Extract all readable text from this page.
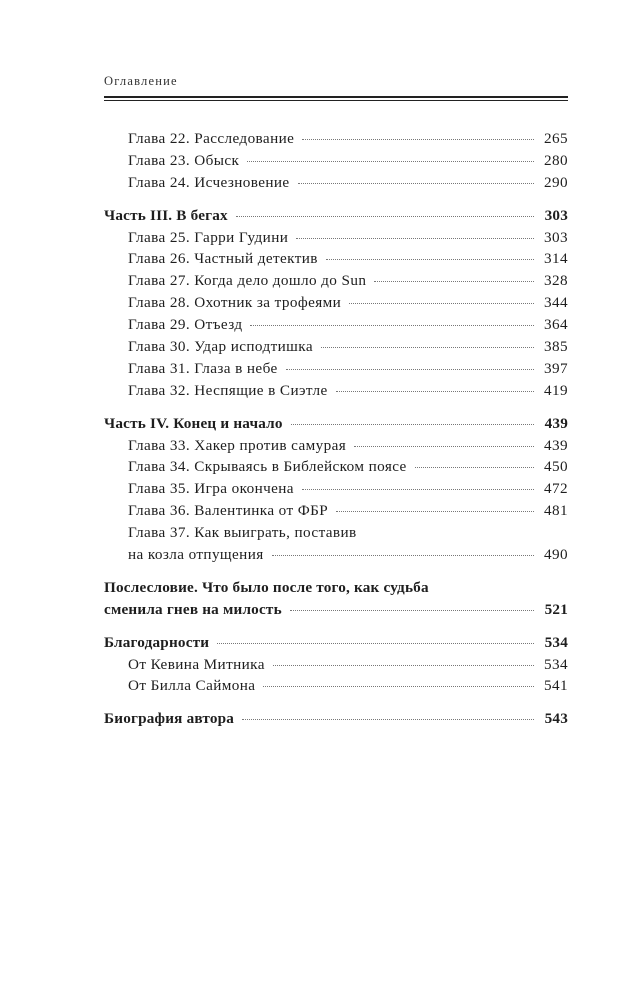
Оглавление
Глава 22. Расследование	265
Глава 23. Обыск	280
Глава 24. Исчезновение	290
Часть III. В бегах	303
Глава 25. Гарри Гудини	303
Глава 26. Частный детектив	314
Глава 27. Когда дело дошло до Sun	328
Глава 28. Охотник за трофеями	344
Глава 29. Отъезд	364
Глава 30. Удар исподтишка	385
Глава 31. Глаза в небе	397
Глава 32. Неспящие в Сиэтле	419
Часть IV. Конец и начало	439
Глава 33. Хакер против самурая	439
Глава 34. Скрываясь в Библейском поясе	450
Глава 35. Игра окончена	472
Глава 36. Валентинка от ФБР	481
Глава 37. Как выиграть, поставив
на козла отпущения	490
Послесловие. Что было после того, как судьба
сменила гнев на милость	521
Благодарности	534
От Кевина Митника	534
От Билла Саймона	541
Биография автора	543
